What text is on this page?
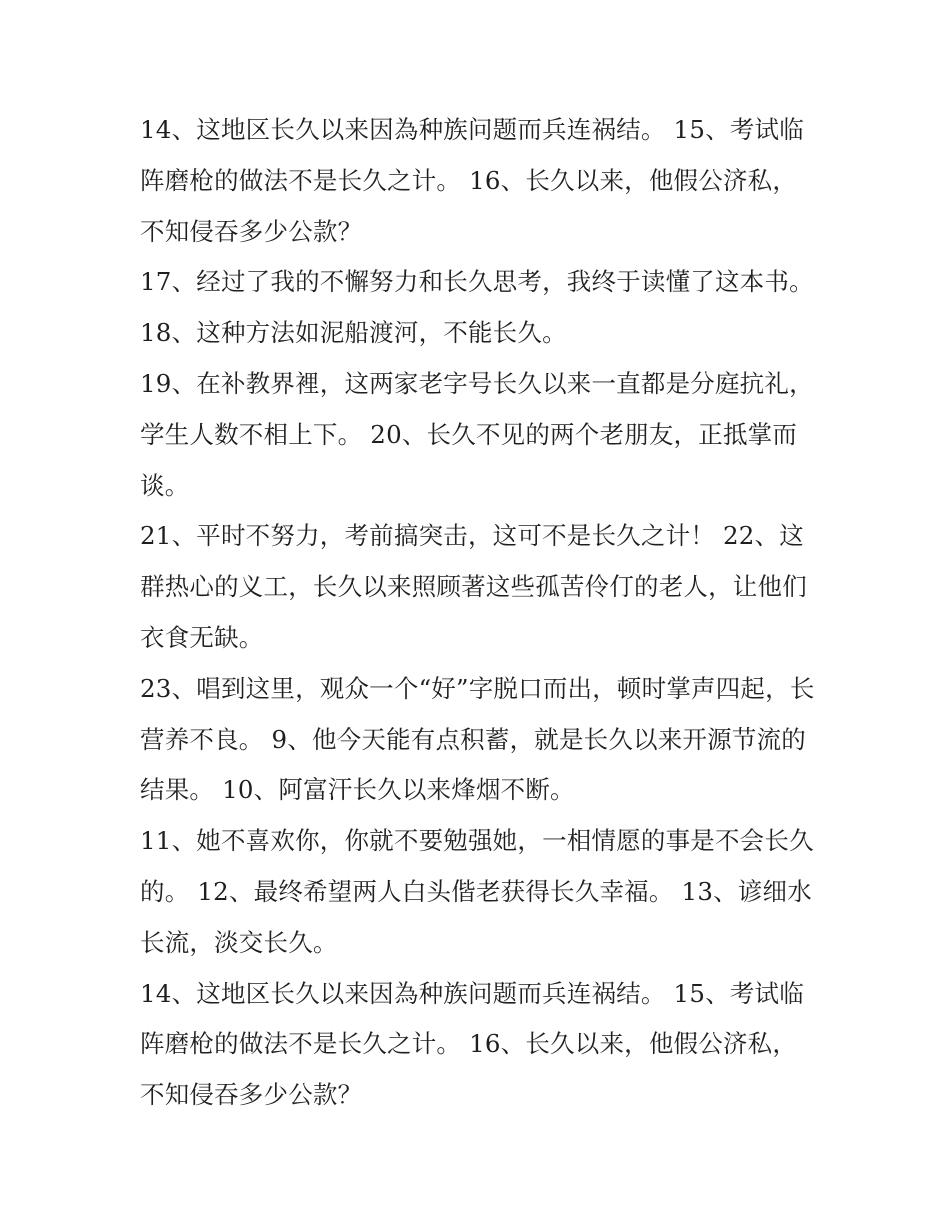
14、这地区长久以来因為种族问题而兵连祸结。 15、考试临阵磨枪的做法不是长久之计。 16、长久以来，他假公济私，不知侵吞多少公款？

17、经过了我的不懈努力和长久思考，我终于读懂了这本书。

18、这种方法如泥船渡河，不能长久。

19、在补教界裡，这两家老字号长久以来一直都是分庭抗礼，学生人数不相上下。 20、长久不见的两个老朋友，正抵掌而谈。

21、平时不努力，考前搞突击，这可不是长久之计！ 22、这群热心的义工，长久以来照顾著这些孤苦伶仃的老人，让他们衣食无缺。

23、唱到这里，观众一个“好”字脱口而出，顿时掌声四起，长营养不良。 9、他今天能有点积蓄，就是长久以来开源节流的结果。 10、阿富汗长久以来烽烟不断。

11、她不喜欢你，你就不要勉强她，一相情愿的事是不会长久的。 12、最终希望两人白头偕老获得长久幸福。 13、谚细水长流，淡交长久。

14、这地区长久以来因為种族问题而兵连祸结。 15、考试临阵磨枪的做法不是长久之计。 16、长久以来，他假公济私，不知侵吞多少公款？
